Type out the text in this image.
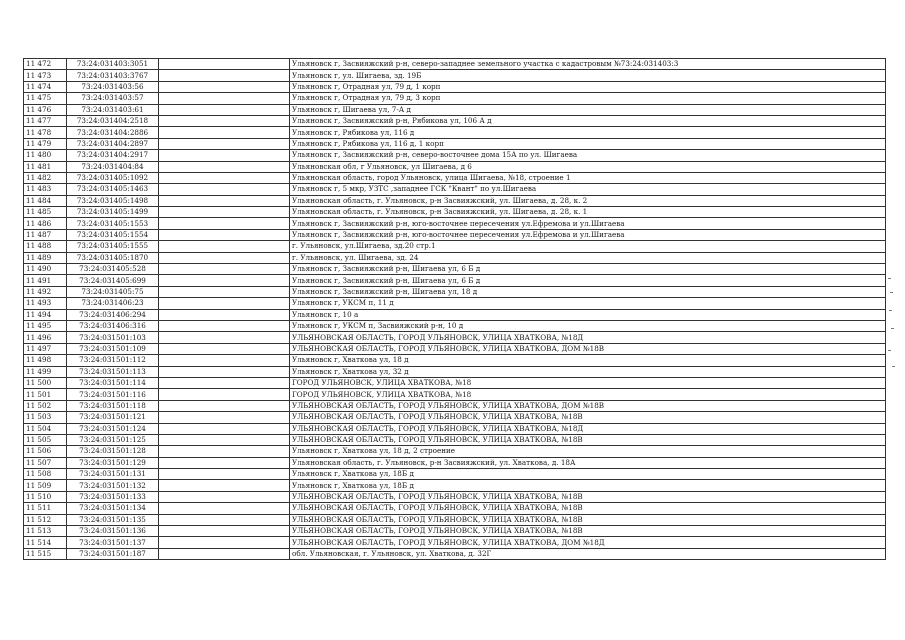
11 472	73:24:031403:3051		Ульяновск г, Засвияжский р-н, северо-западнее земельного участка с кадастровым №73:24:031403:3
11 473	73:24:031403:3767		Ульяновск г, ул. Шигаева, зд. 19Б
11 474	73:24:031403:56		Ульяновск г, Отрадная ул, 79 д, 1 корп
11 475	73:24:031403:57		Ульяновск г, Отрадная ул, 79 д, 3 корп
11 476	73:24:031403:61		Ульяновск г, Шигаева ул, 7-А д
11 477	73:24:031404:2518		Ульяновск г, Засвияжский р-н, Рябикова ул, 106 А д
11 478	73:24:031404:2886		Ульяновск г, Рябикова ул, 116 д
11 479	73:24:031404:2897		Ульяновск г, Рябикова ул, 116 д, 1 корп
11 480	73:24:031404:2917		Ульяновск г, Засвияжский р-н, северо-восточнее дома 15А по ул. Шигаева
11 481	73:24:031404:84		Ульяновская обл, г Ульяновск, ул Шигаева, д 6
11 482	73:24:031405:1092		Ульяновская область, город Ульяновск, улица Шигаева, №18, строение 1
11 483	73:24:031405:1463		Ульяновск г, 5 мкр, УЗТС ,западнее ГСК "Квант" по ул.Шигаева
11 484	73:24:031405:1498		Ульяновская область, г. Ульяновск, р-н Засвияжский, ул. Шигаева, д. 28, к. 2
11 485	73:24:031405:1499		Ульяновская область, г. Ульяновск, р-н Засвияжский, ул. Шигаева, д. 28, к. 1
11 486	73:24:031405:1553		Ульяновск г, Засвияжский р-н, юго-восточнее пересечения ул.Ефремова и ул.Шигаева
11 487	73:24:031405:1554		Ульяновск г, Засвияжский р-н, юго-восточнее пересечения ул.Ефремова и ул.Шигаева
11 488	73:24:031405:1555		г. Ульяновск, ул.Шигаева, зд.20 стр.1
11 489	73:24:031405:1870		г. Ульяновск, ул. Шигаева, зд. 24
11 490	73:24:031405:528		Ульяновск г, Засвияжский р-н, Шигаева ул, 6 Б д
11 491	73:24:031405:699		Ульяновск г, Засвияжский р-н, Шигаева ул, 6 Б д
11 492	73:24:031405:75		Ульяновск г, Засвияжский р-н, Шигаева ул, 18 д
11 493	73:24:031406:23		Ульяновск г, УКСМ п, 11 д
11 494	73:24:031406:294		Ульяновск г, 10 а
11 495	73:24:031406:316		Ульяновск г, УКСМ п, Засвияжский р-н, 10 д
11 496	73:24:031501:103		УЛЬЯНОВСКАЯ ОБЛАСТЬ, ГОРОД УЛЬЯНОВСК, УЛИЦА ХВАТКОВА, №18Д
11 497	73:24:031501:109		УЛЬЯНОВСКАЯ ОБЛАСТЬ, ГОРОД УЛЬЯНОВСК, УЛИЦА ХВАТКОВА, ДОМ №18В
11 498	73:24:031501:112		Ульяновск г, Хваткова ул, 18 д
11 499	73:24:031501:113		Ульяновск г, Хваткова ул, 32 д
11 500	73:24:031501:114		ГОРОД УЛЬЯНОВСК, УЛИЦА ХВАТКОВА, №18
11 501	73:24:031501:116		ГОРОД УЛЬЯНОВСК, УЛИЦА ХВАТКОВА, №18
11 502	73:24:031501:118		УЛЬЯНОВСКАЯ ОБЛАСТЬ, ГОРОД УЛЬЯНОВСК, УЛИЦА ХВАТКОВА, ДОМ №18В
11 503	73:24:031501:121		УЛЬЯНОВСКАЯ ОБЛАСТЬ, ГОРОД УЛЬЯНОВСК, УЛИЦА ХВАТКОВА, №18В
11 504	73:24:031501:124		УЛЬЯНОВСКАЯ ОБЛАСТЬ, ГОРОД УЛЬЯНОВСК, УЛИЦА ХВАТКОВА, №18Д
11 505	73:24:031501:125		УЛЬЯНОВСКАЯ ОБЛАСТЬ, ГОРОД УЛЬЯНОВСК, УЛИЦА ХВАТКОВА, №18В
11 506	73:24:031501:128		Ульяновск г, Хваткова ул, 18 д, 2 строение
11 507	73:24:031501:129		Ульяновская область, г. Ульяновск, р-н Засвияжский, ул. Хваткова, д. 18А
11 508	73:24:031501:131		Ульяновск г, Хваткова ул, 18Б д
11 509	73:24:031501:132		Ульяновск г, Хваткова ул, 18Б д
11 510	73:24:031501:133		УЛЬЯНОВСКАЯ ОБЛАСТЬ, ГОРОД УЛЬЯНОВСК, УЛИЦА ХВАТКОВА, №18В
11 511	73:24:031501:134		УЛЬЯНОВСКАЯ ОБЛАСТЬ, ГОРОД УЛЬЯНОВСК, УЛИЦА ХВАТКОВА, №18В
11 512	73:24:031501:135		УЛЬЯНОВСКАЯ ОБЛАСТЬ, ГОРОД УЛЬЯНОВСК, УЛИЦА ХВАТКОВА, №18В
11 513	73:24:031501:136		УЛЬЯНОВСКАЯ ОБЛАСТЬ, ГОРОД УЛЬЯНОВСК, УЛИЦА ХВАТКОВА, №18В
11 514	73:24:031501:137		УЛЬЯНОВСКАЯ ОБЛАСТЬ, ГОРОД УЛЬЯНОВСК, УЛИЦА ХВАТКОВА, ДОМ №18Д
11 515	73:24:031501:187		обл. Ульяновская, г. Ульяновск, ул. Хваткова, д. 32Г
